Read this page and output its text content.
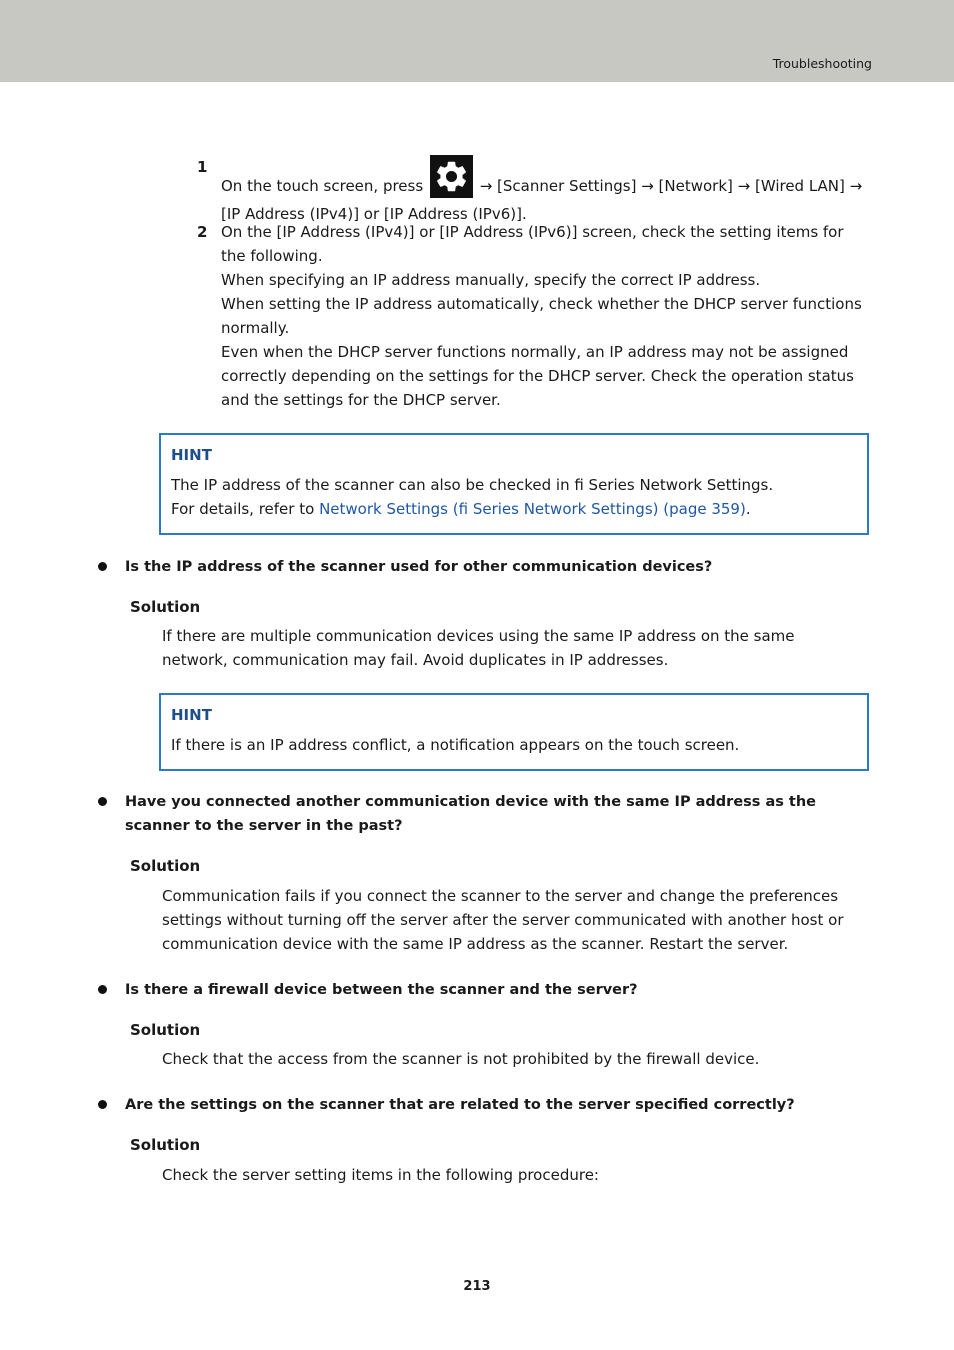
Troubleshooting
1
On the touch screen, press	→ [Scanner Settings] → [Network] → [Wired LAN] → [IP Address (IPv4)] or [IP Address (IPv6)].
2 On the [IP Address (IPv4)] or [IP Address (IPv6)] screen, check the setting items for the following.
When specifying an IP address manually, specify the correct IP address.
When setting the IP address automatically, check whether the DHCP server functions normally.
Even when the DHCP server functions normally, an IP address may not be assigned correctly depending on the settings for the DHCP server. Check the operation status and the settings for the DHCP server.
HINT
The IP address of the scanner can also be checked in fi Series Network Settings.
For details, refer to Network Settings (fi Series Network Settings) (page 359).
Is the IP address of the scanner used for other communication devices?
Solution
If there are multiple communication devices using the same IP address on the same network, communication may fail. Avoid duplicates in IP addresses.
HINT
If there is an IP address conflict, a notification appears on the touch screen.
Have you connected another communication device with the same IP address as the scanner to the server in the past?
Solution
Communication fails if you connect the scanner to the server and change the preferences settings without turning off the server after the server communicated with another host or communication device with the same IP address as the scanner. Restart the server.
Is there a firewall device between the scanner and the server?
Solution
Check that the access from the scanner is not prohibited by the firewall device.
Are the settings on the scanner that are related to the server specified correctly?
Solution
Check the server setting items in the following procedure:
213
